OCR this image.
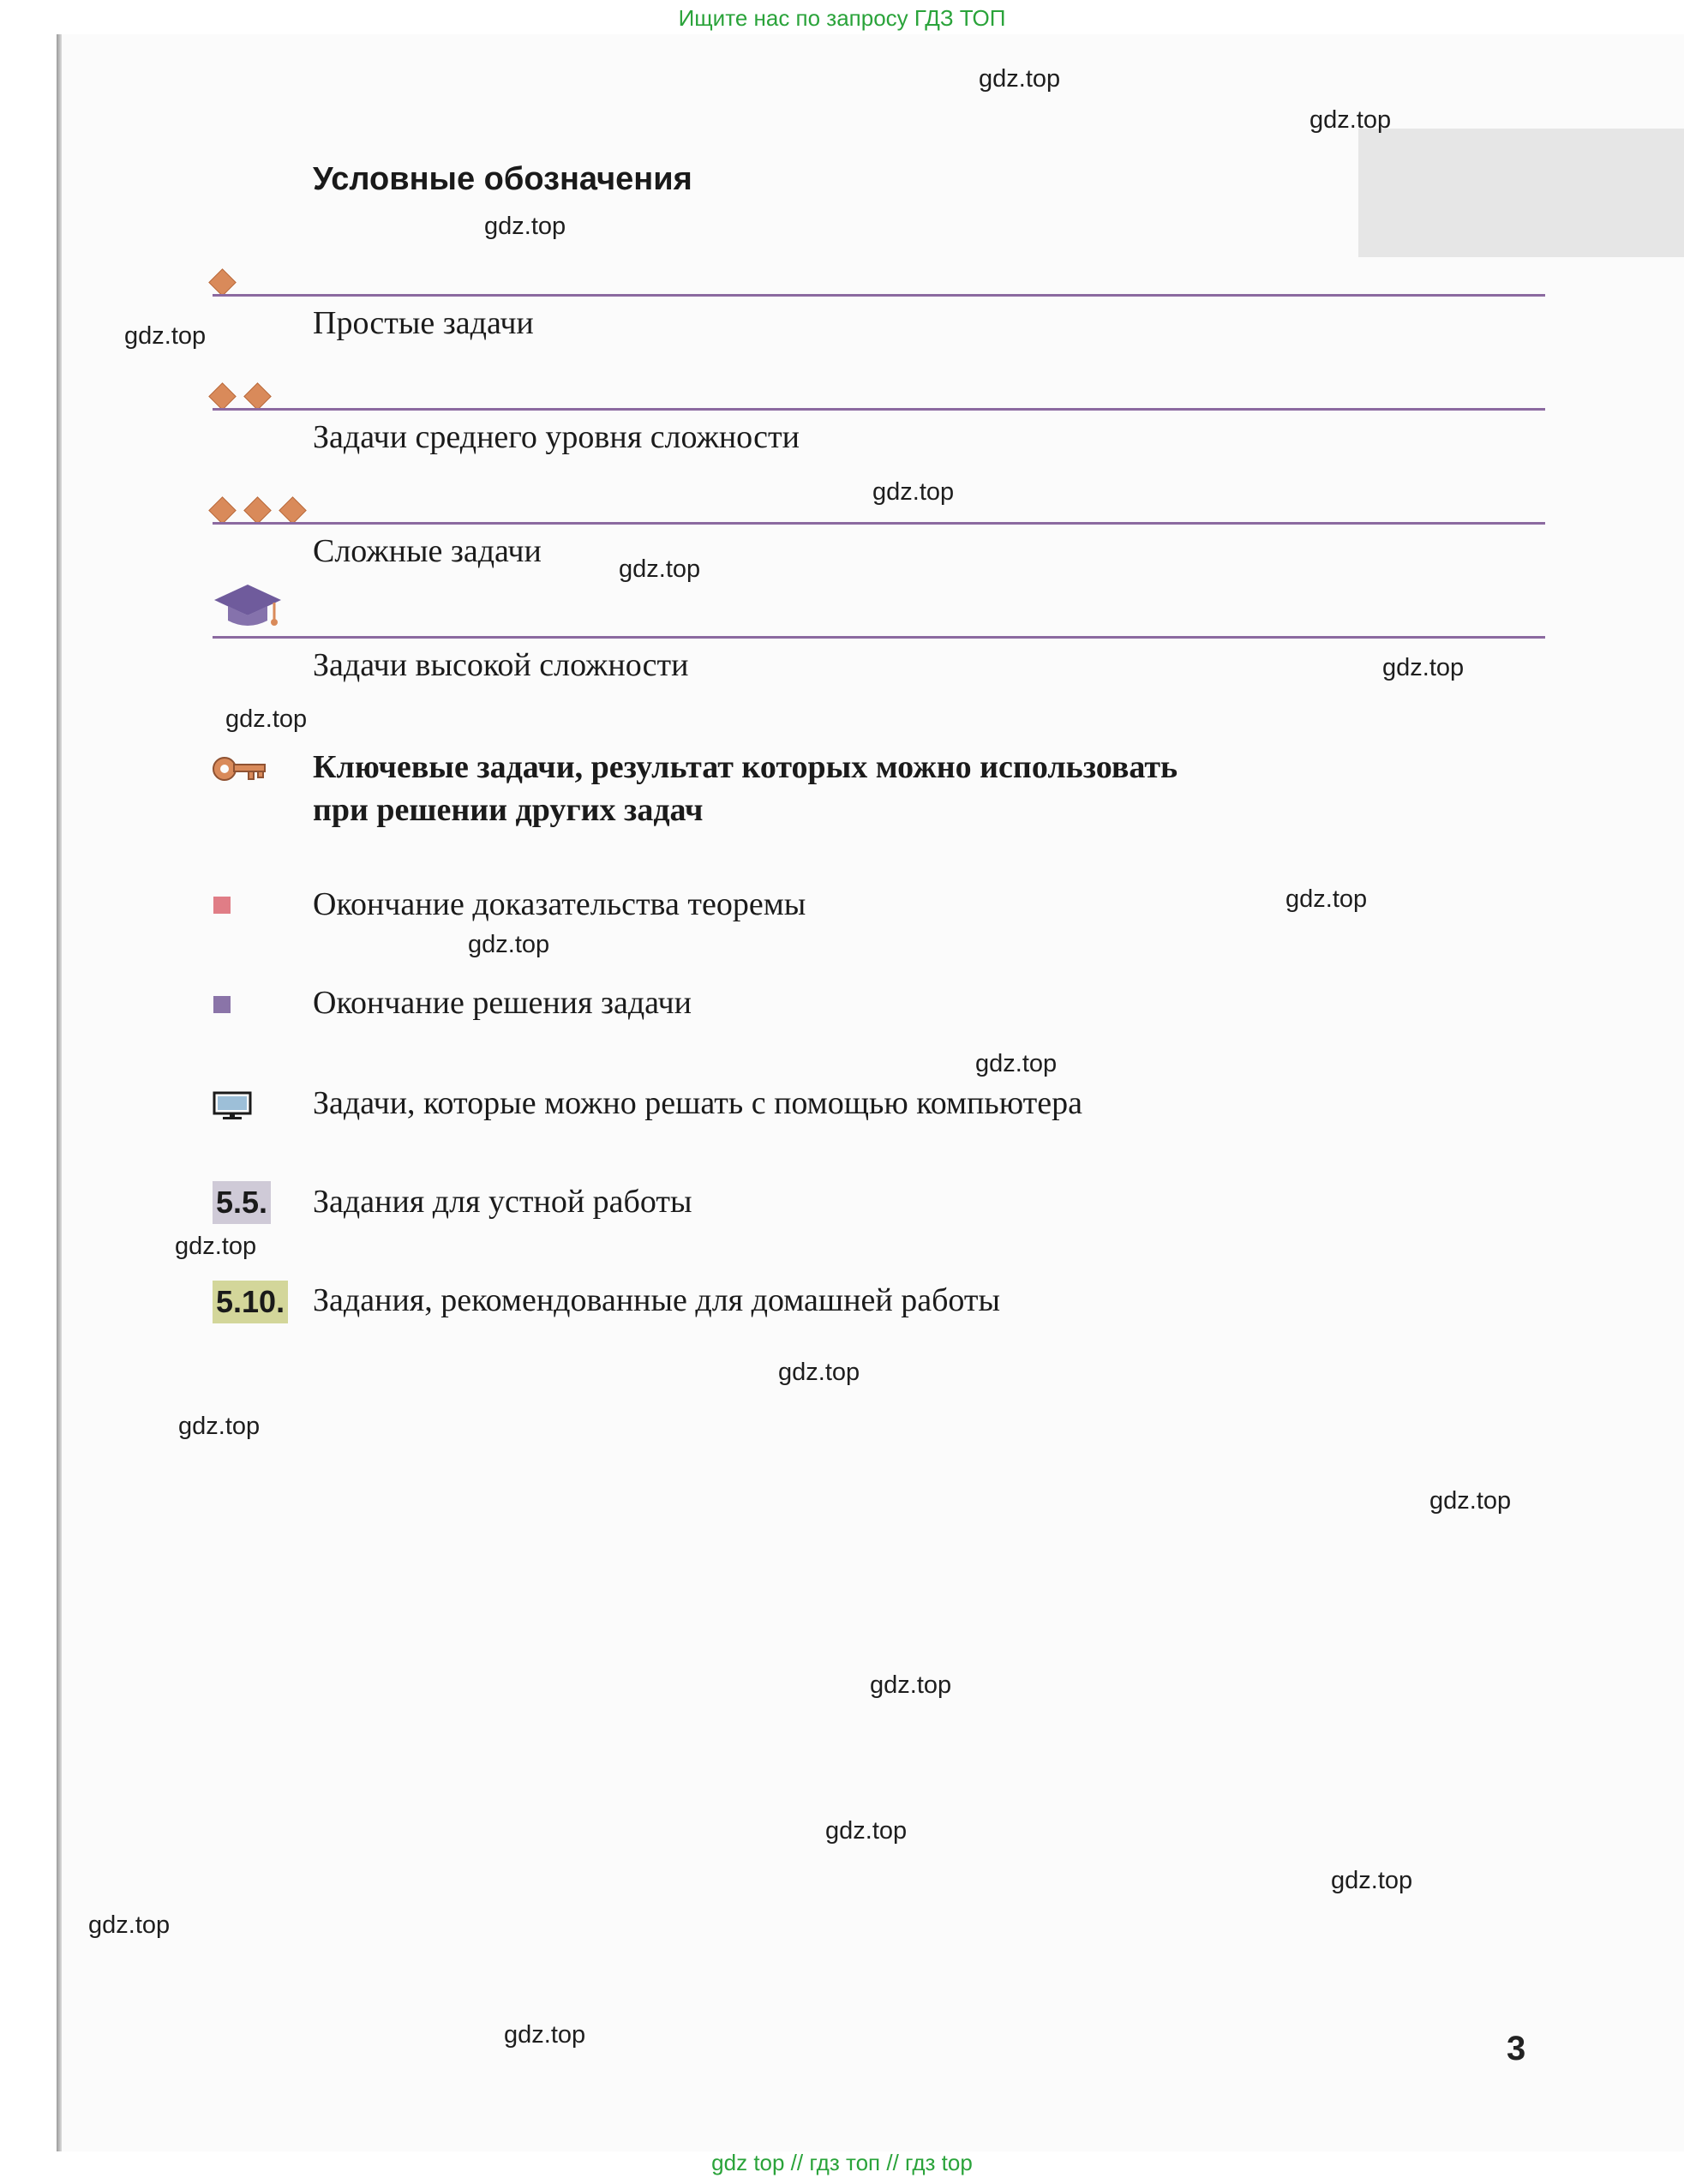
Ищите нас по запросу ГДЗ ТОП
Условные обозначения
Простые задачи
Задачи среднего уровня сложности
Сложные задачи
Задачи высокой сложности
Ключевые задачи, результат которых можно использовать
при решении других задач
Окончание доказательства теоремы
Окончание решения задачи
Задачи, которые можно решать с помощью компьютера
5.5. Задания для устной работы
5.10. Задания, рекомендованные для домашней работы
3
gdz.top
gdz.top
gdz.top
gdz.top
gdz.top
gdz.top
gdz.top
gdz.top
gdz.top
gdz.top
gdz.top
gdz.top
gdz.top
gdz.top
gdz.top
gdz.top
gdz.top
gdz.top
gdz.top
gdz.top
gdz top // гдз топ // гдз top
